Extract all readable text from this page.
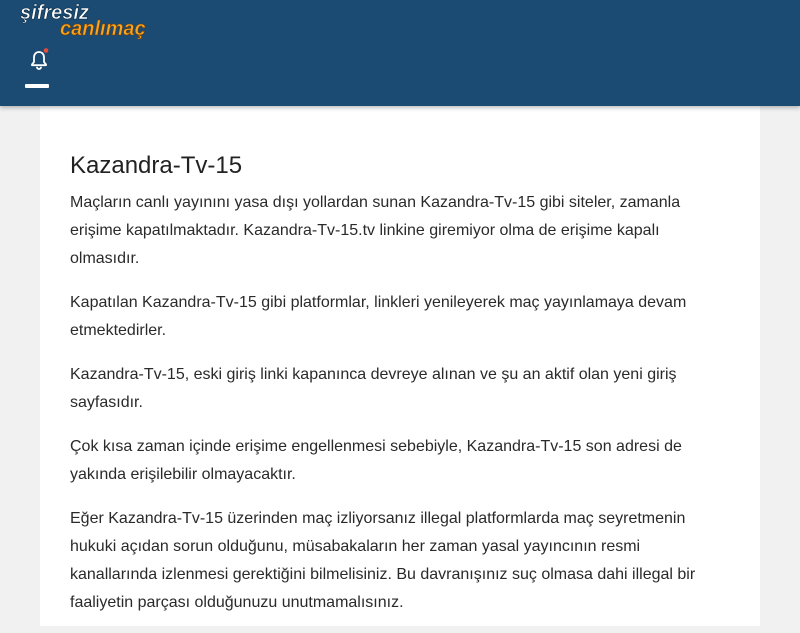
şifresiz
canlımaç
Kazandra-Tv-15

Maçların canlı yayınını yasa dışı yollardan sunan Kazandra-Tv-15 gibi siteler, zamanla erişime kapatılmaktadır. Kazandra-Tv-15.tv linkine giremiyor olma de erişime kapalı olmasıdır.

Kapatılan Kazandra-Tv-15 gibi platformlar, linkleri yenileyerek maç yayınlamaya devam etmektedirler.

Kazandra-Tv-15, eski giriş linki kapanınca devreye alınan ve şu an aktif olan yeni giriş sayfasıdır.

Çok kısa zaman içinde erişime engellenmesi sebebiyle, Kazandra-Tv-15 son adresi de yakında erişilebilir olmayacaktır.

Eğer Kazandra-Tv-15 üzerinden maç izliyorsanız illegal platformlarda maç seyretmenin hukuki açıdan sorun olduğunu, müsabakaların her zaman yasal yayıncının resmi kanallarında izlenmesi gerektiğini bilmelisiniz. Bu davranışınız suç olmasa dahi illegal bir faaliyetin parçası olduğunuzu unutmamalısınız.
